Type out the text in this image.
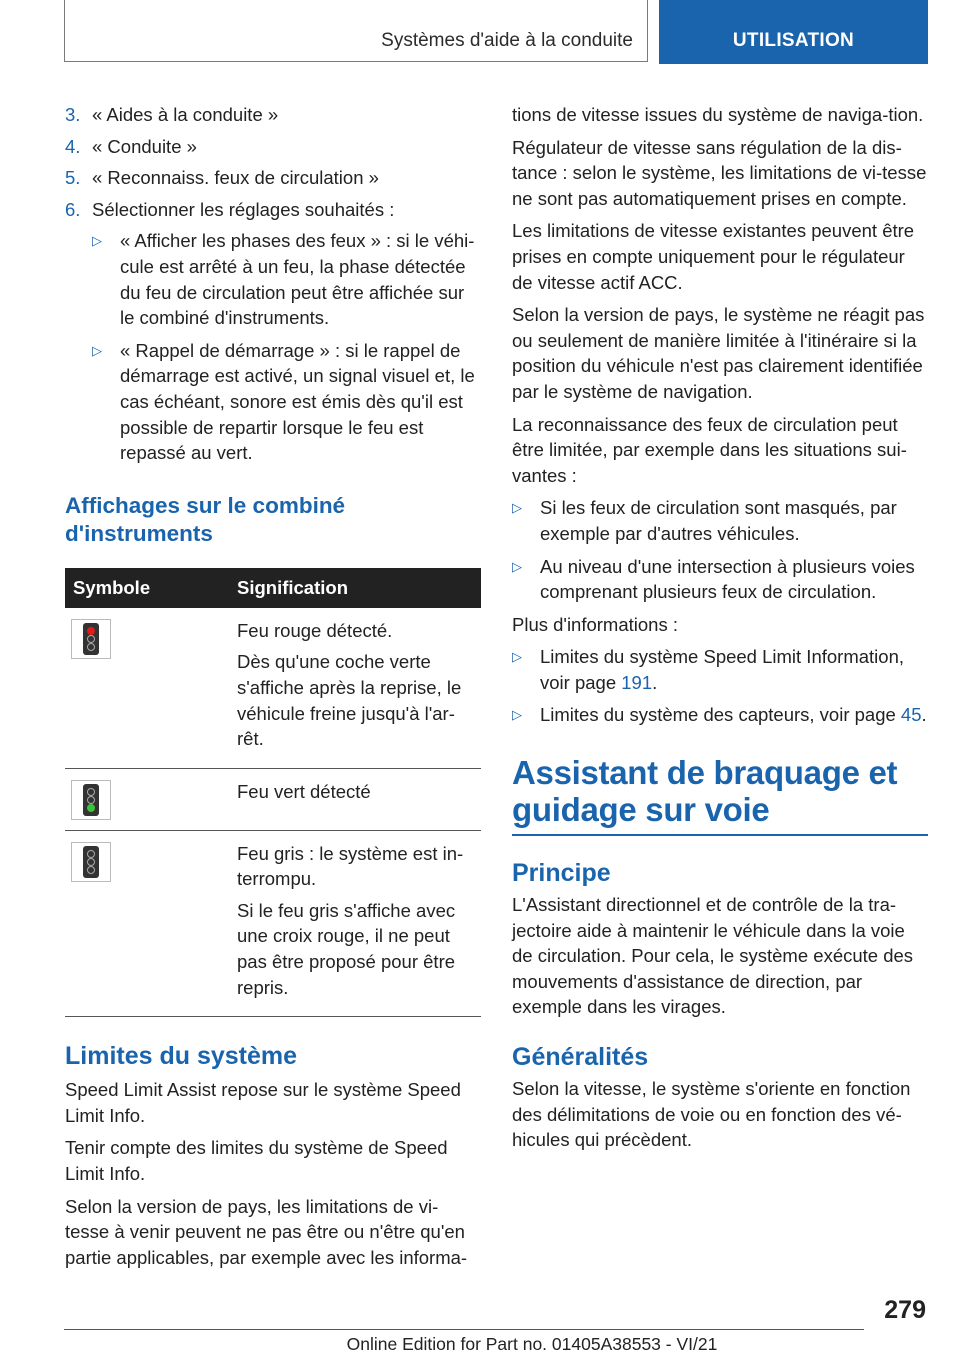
Systèmes d'aide à la conduite	UTILISATION
3. « Aides à la conduite »
4. « Conduite »
5. « Reconnaiss. feux de circulation »
6. Sélectionner les réglages souhaités :
▷ « Afficher les phases des feux » : si le véhi-cule est arrêté à un feu, la phase détectée du feu de circulation peut être affichée sur le combiné d'instruments.
▷ « Rappel de démarrage » : si le rappel de démarrage est activé, un signal visuel et, le cas échéant, sonore est émis dès qu'il est possible de repartir lorsque le feu est repassé au vert.
Affichages sur le combiné d'instruments
Symbole	Signification

	Feu rouge détecté.

Dès qu'une coche verte s'affiche après la reprise, le véhicule freine jusqu'à l'ar-rêt.

	Feu vert détecté

	Feu gris : le système est in-terrompu.

Si le feu gris s'affiche avec une croix rouge, il ne peut pas être proposé pour être repris.

Limites du système

Speed Limit Assist repose sur le système Speed Limit Info.

Tenir compte des limites du système de Speed Limit Info.

Selon la version de pays, les limitations de vi-tesse à venir peuvent ne pas être ou n'être qu'en partie applicables, par exemple avec les informa-

tions de vitesse issues du système de naviga-tion.

Régulateur de vitesse sans régulation de la dis-tance : selon le système, les limitations de vi-tesse ne sont pas automatiquement prises en compte.

Les limitations de vitesse existantes peuvent être prises en compte uniquement pour le régulateur de vitesse actif ACC.

Selon la version de pays, le système ne réagit pas ou seulement de manière limitée à l'itinéraire si la position du véhicule n'est pas clairement identifiée par le système de navigation.

La reconnaissance des feux de circulation peut être limitée, par exemple dans les situations sui-vantes :

▷ Si les feux de circulation sont masqués, par exemple par d'autres véhicules.
▷ Au niveau d'une intersection à plusieurs voies comprenant plusieurs feux de circulation.

Plus d'informations :

▷ Limites du système Speed Limit Information, voir page 191.
▷ Limites du système des capteurs, voir page 45.
Assistant de braquage et guidage sur voie
Principe

L'Assistant directionnel et de contrôle de la tra-jectoire aide à maintenir le véhicule dans la voie de circulation. Pour cela, le système exécute des mouvements d'assistance de direction, par exemple dans les virages.

Généralités

Selon la vitesse, le système s'oriente en fonction des délimitations de voie ou en fonction des vé-hicules qui précèdent.

279
Online Edition for Part no. 01405A38553 - VI/21
